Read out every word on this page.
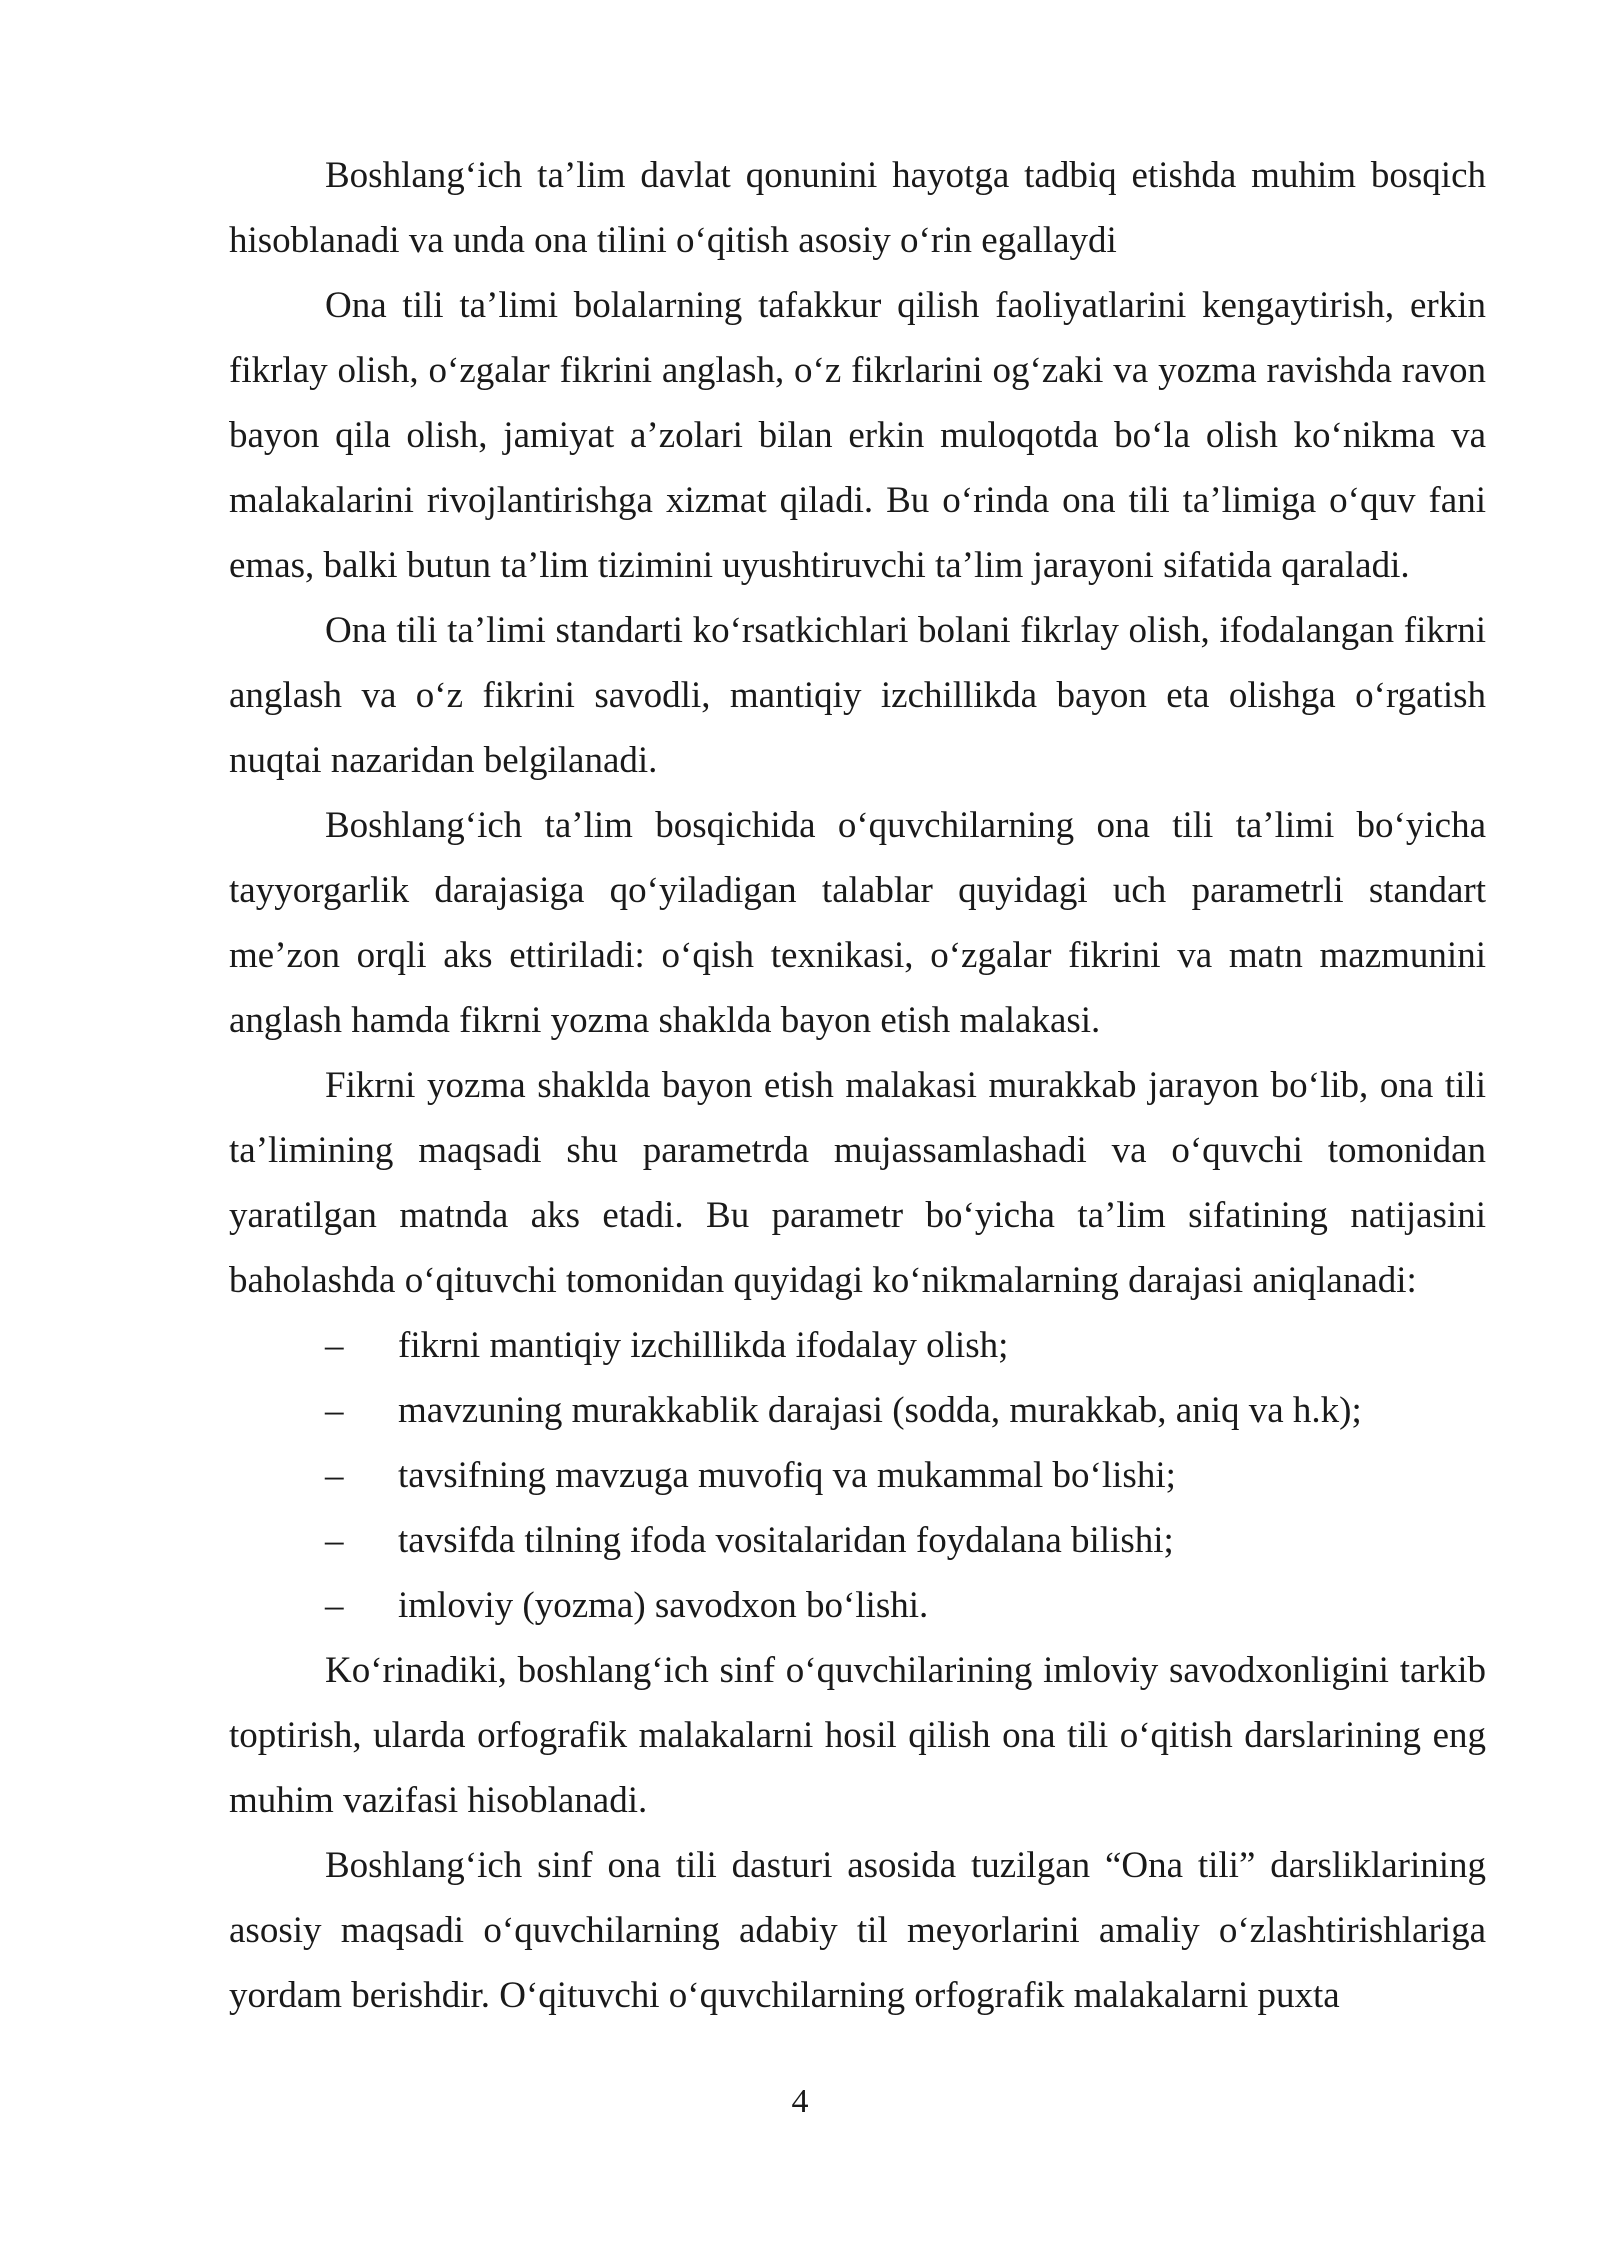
Boshlang‘ich ta’lim davlat qonunini hayotga tadbiq etishda muhim bosqich hisoblanadi va unda ona tilini o‘qitish asosiy o‘rin egallaydi

Ona tili ta’limi bolalarning tafakkur qilish faoliyatlarini kengaytirish, erkin fikrlay olish, o‘zgalar fikrini anglash, o‘z fikrlarini og‘zaki va yozma ravishda ravon bayon qila olish, jamiyat a’zolari bilan erkin muloqotda bo‘la olish ko‘nikma va malakalarini rivojlantirishga xizmat qiladi. Bu o‘rinda ona tili ta’limiga o‘quv fani emas, balki butun ta’lim tizimini uyushtiruvchi ta’lim jarayoni sifatida qaraladi.

Ona tili ta’limi standarti ko‘rsatkichlari bolani fikrlay olish, ifodalangan fikrni anglash va o‘z fikrini savodli, mantiqiy izchillikda bayon eta olishga o‘rgatish nuqtai nazaridan belgilanadi.

Boshlang‘ich ta’lim bosqichida o‘quvchilarning ona tili ta’limi bo‘yicha tayyorgarlik darajasiga qo‘yiladigan talablar quyidagi uch parametrli standart me’zon orqli aks ettiriladi: o‘qish texnikasi, o‘zgalar fikrini va matn mazmunini anglash hamda fikrni yozma shaklda bayon etish malakasi.

Fikrni yozma shakldа bayon etish malakasi murakkab jarayon bo‘lib, ona tili ta’limining maqsadi shu parametrda mujassamlashadi va o‘quvchi tomonidan yaratilgan matnda aks etadi. Bu parametr bo‘yicha ta’lim sifatining natijasini baholashda o‘qituvchi tomonidan quyidagi ko‘nikmalarning darajasi aniqlanadi:

– fikrni mantiqiy izchillikda ifodalay olish;
– mavzuning murakkablik darajasi (sodda, murakkab, aniq va h.k);
– tavsifning mavzuga muvofiq va mukammal bo‘lishi;
– tavsifda tilning ifoda vositalaridan foydalana bilishi;
– imloviy (yozma) savodxon bo‘lishi.

Ko‘rinadiki, boshlang‘ich sinf o‘quvchilarining imloviy savodxonligini tarkib toptirish, ularda orfografik malakalarni hosil qilish ona tili o‘qitish darslarining eng muhim vazifasi hisoblanadi.

Boshlang‘ich sinf ona tili dasturi asosida tuzilgan “Ona tili” darsliklarining asosiy maqsadi o‘quvchilarning adabiy til meyorlarini amaliy o‘zlashtirishlariga yordam berishdir. O‘qituvchi o‘quvchilarning orfografik malakalarni puxta

4
